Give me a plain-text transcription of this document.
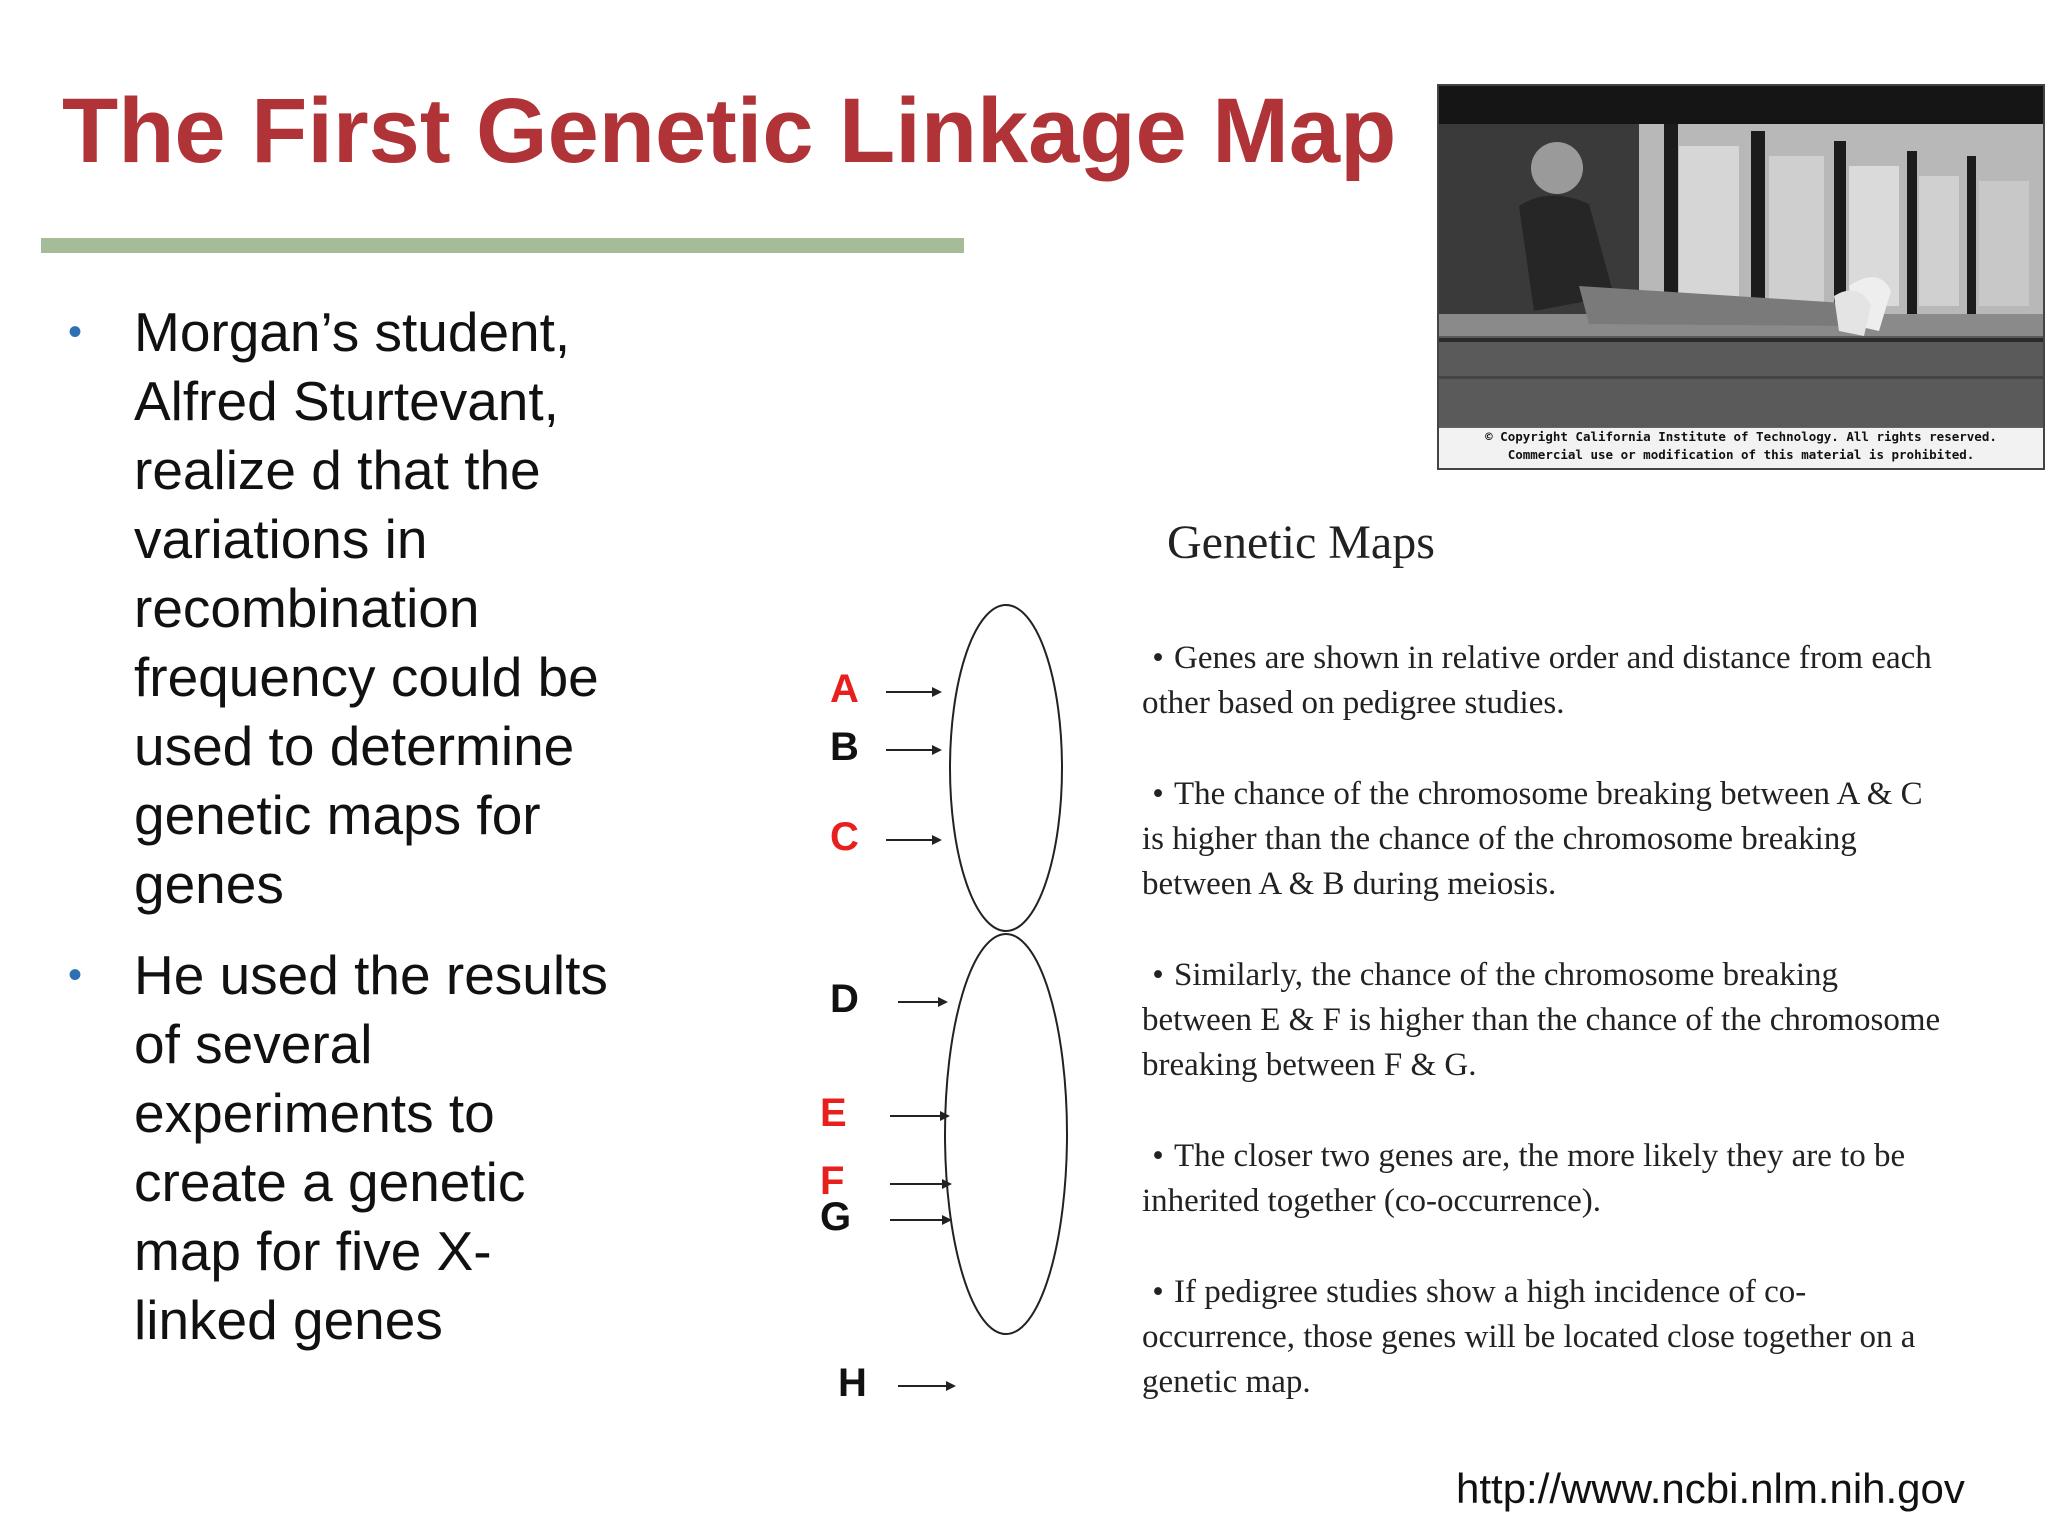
The First Genetic Linkage Map
• Morgan’s student, Alfred Sturtevant, realize d that the variations in recombination frequency could be used to determine genetic maps for genes
• He used the results of several experiments to create a genetic map for five X-linked genes
© Copyright California Institute of Technology. All rights reserved.
Commercial use or modification of this material is prohibited.
A
B
C
D
E
F
G
H
Genetic Maps
• Genes are shown in relative order and distance from each other based on pedigree studies.
• The chance of the chromosome breaking between A & C is higher than the chance of the chromosome breaking between A & B during meiosis.
• Similarly, the chance of the chromosome breaking between E & F is higher than the chance of the chromosome breaking between F & G.
• The closer two genes are, the more likely they are to be inherited together (co-occurrence).
• If pedigree studies show a high incidence of co-occurrence, those genes will be located close together on a genetic map.
http://www.ncbi.nlm.nih.gov
